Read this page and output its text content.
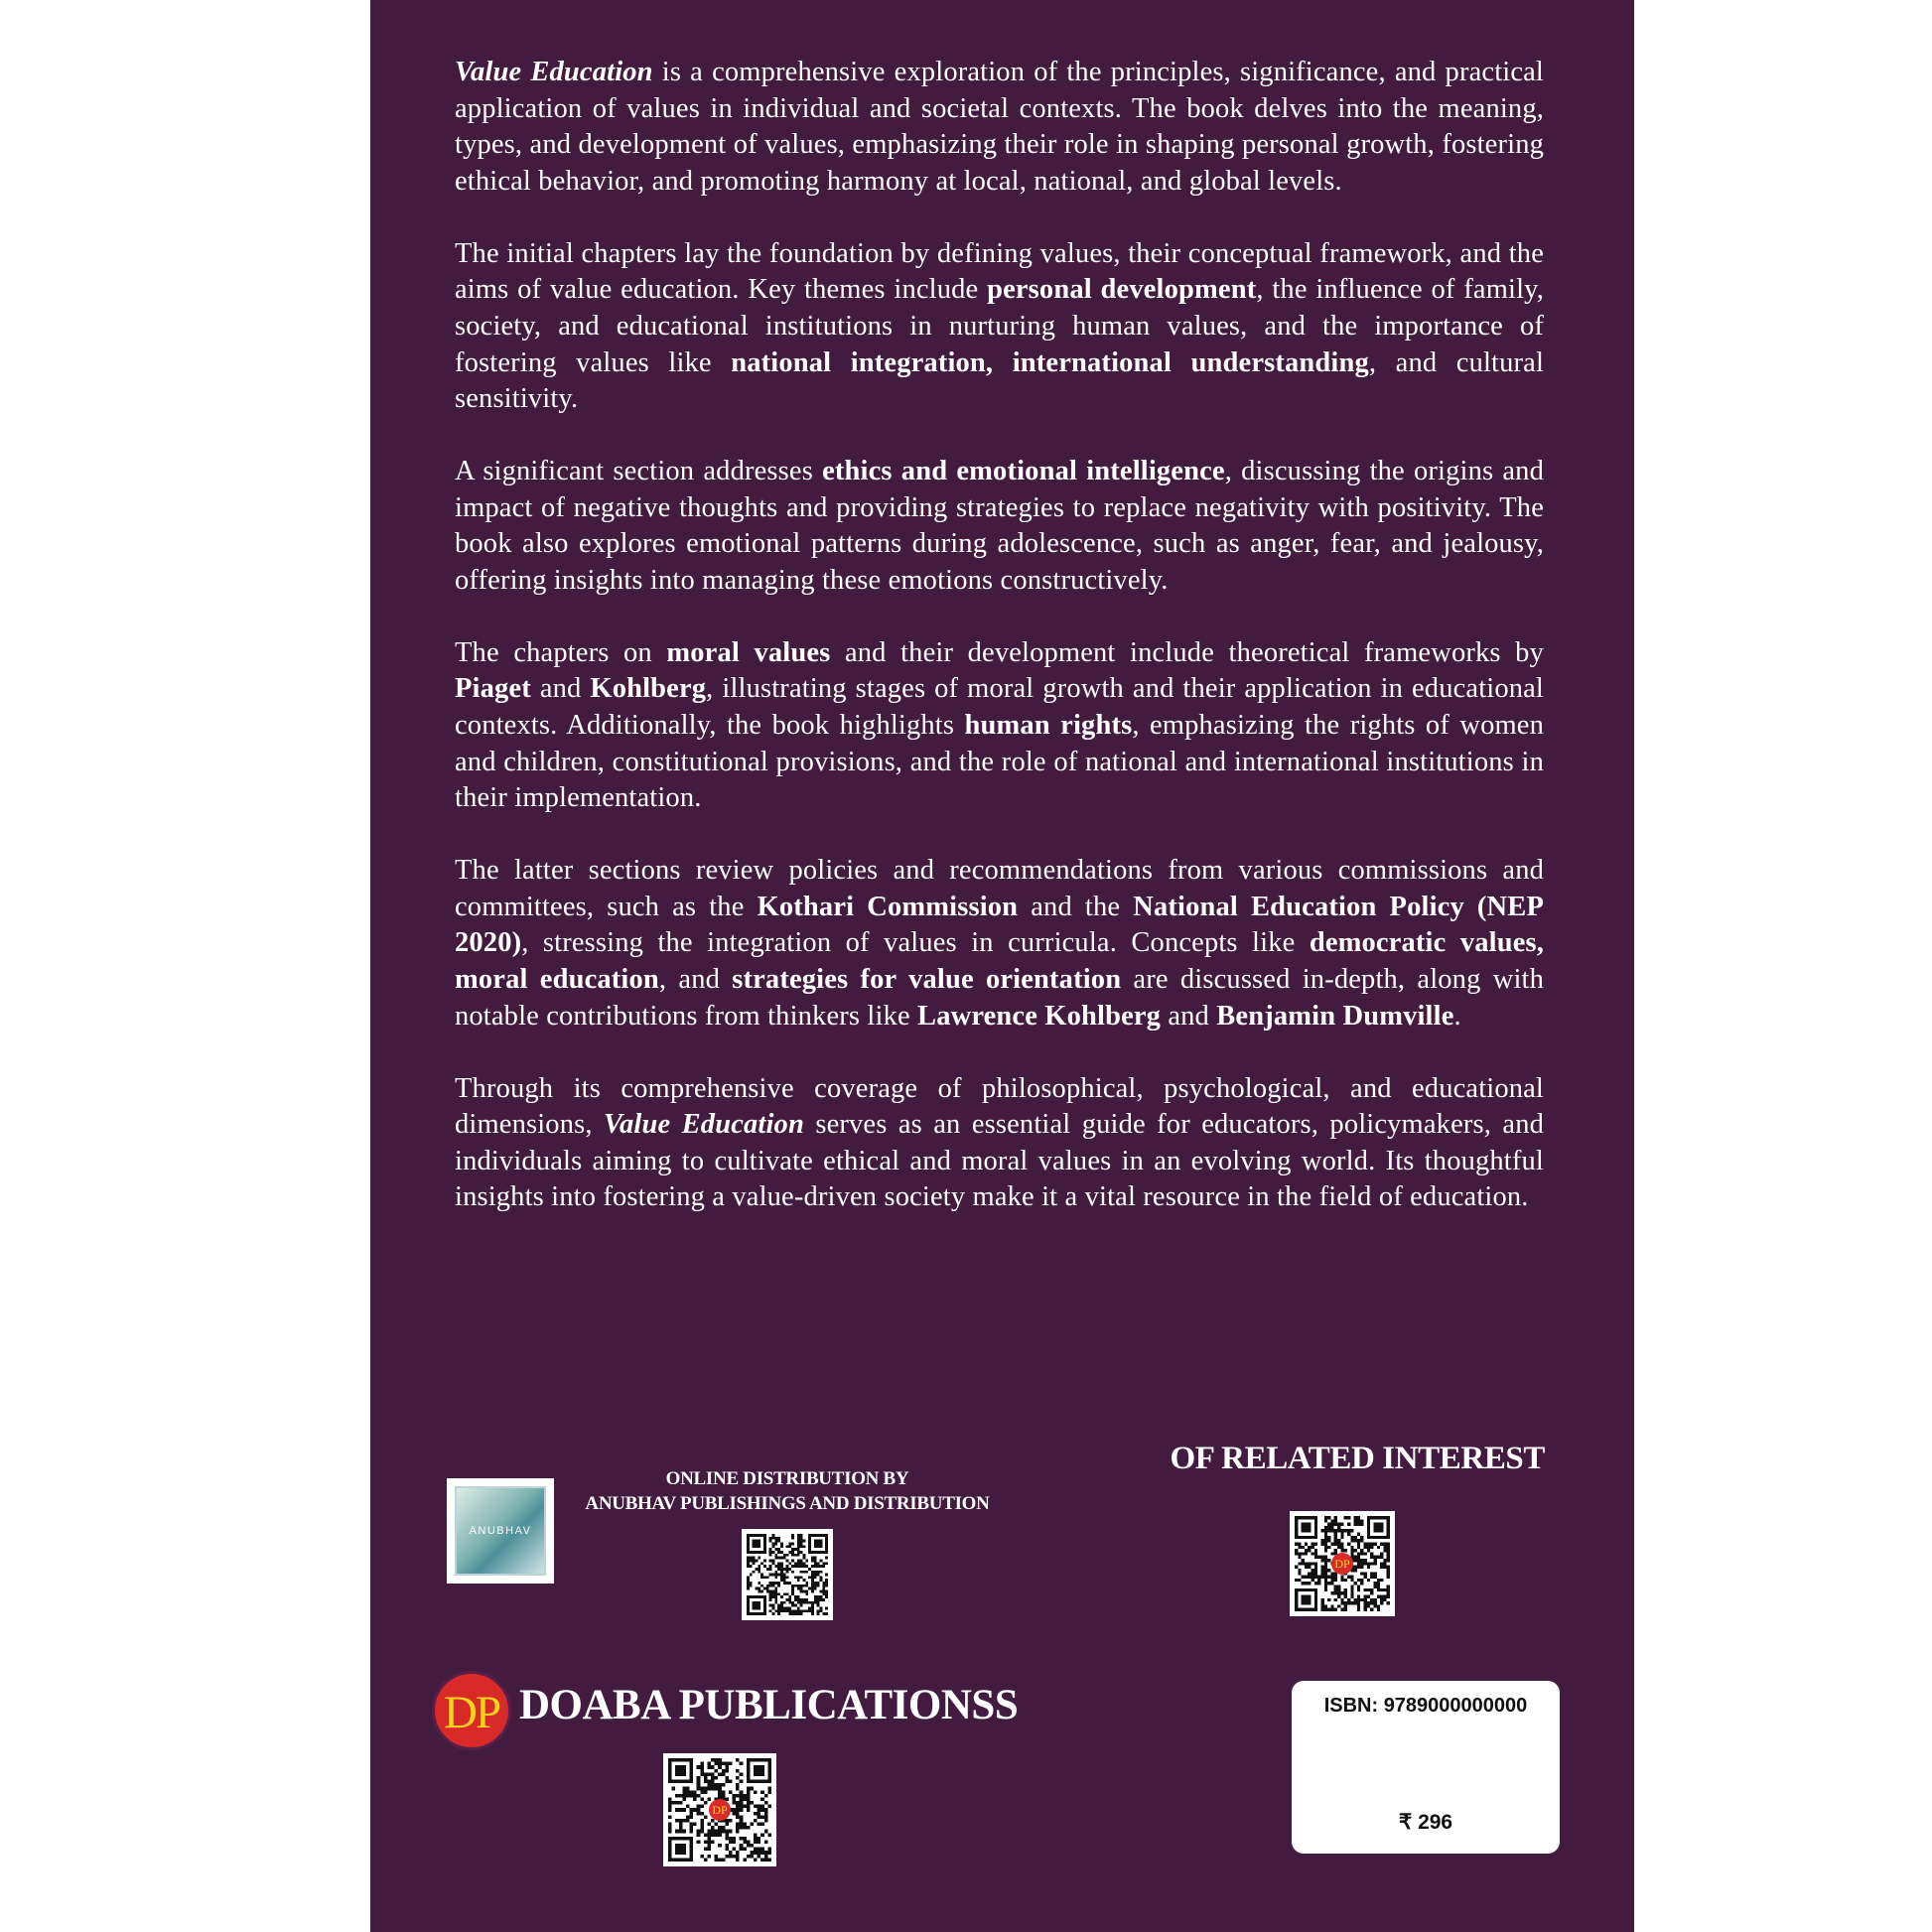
Value Education is a comprehensive exploration of the principles, significance, and practical application of values in individual and societal contexts. The book delves into the meaning, types, and development of values, emphasizing their role in shaping personal growth, fostering ethical behavior, and promoting harmony at local, national, and global levels.

The initial chapters lay the foundation by defining values, their conceptual framework, and the aims of value education. Key themes include personal development, the influence of family, society, and educational institutions in nurturing human values, and the importance of fostering values like national integration, international understanding, and cultural sensitivity.

A significant section addresses ethics and emotional intelligence, discussing the origins and impact of negative thoughts and providing strategies to replace negativity with positivity. The book also explores emotional patterns during adolescence, such as anger, fear, and jealousy, offering insights into managing these emotions constructively.

The chapters on moral values and their development include theoretical frameworks by Piaget and Kohlberg, illustrating stages of moral growth and their application in educational contexts. Additionally, the book highlights human rights, emphasizing the rights of women and children, constitutional provisions, and the role of national and international institutions in their implementation.

The latter sections review policies and recommendations from various commissions and committees, such as the Kothari Commission and the National Education Policy (NEP 2020), stressing the integration of values in curricula. Concepts like democratic values, moral education, and strategies for value orientation are discussed in-depth, along with notable contributions from thinkers like Lawrence Kohlberg and Benjamin Dumville.

Through its comprehensive coverage of philosophical, psychological, and educational dimensions, Value Education serves as an essential guide for educators, policymakers, and individuals aiming to cultivate ethical and moral values in an evolving world. Its thoughtful insights into fostering a value-driven society make it a vital resource in the field of education.

ANUBHAV
ONLINE DISTRIBUTION BY
ANUBHAV PUBLISHINGS AND DISTRIBUTION
OF RELATED INTEREST
DP
DP DOABA PUBLICATIONSS
DP
ISBN: 9789000000000
₹ 296
